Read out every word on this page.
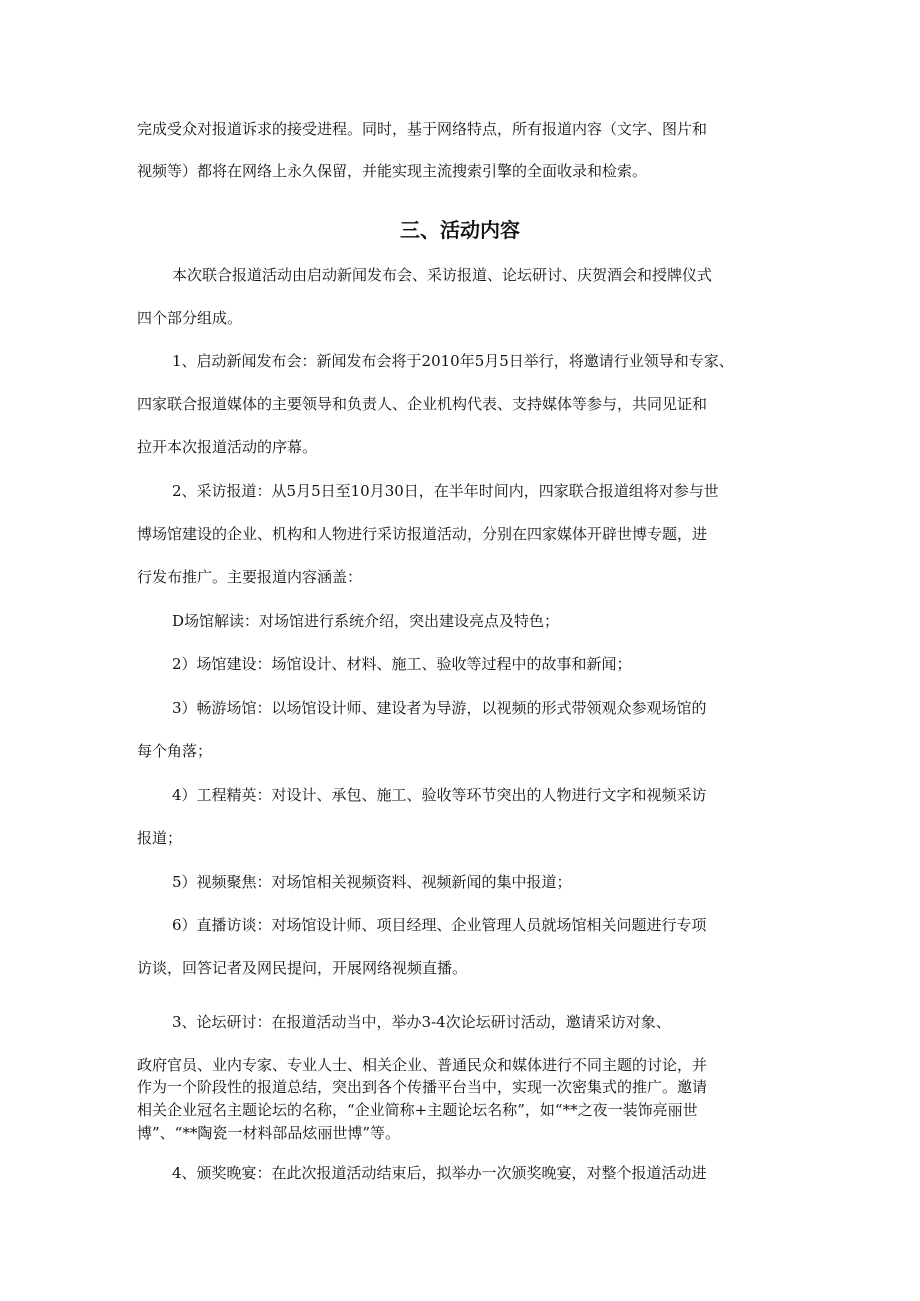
完成受众对报道诉求的接受进程。同时，基于网络特点，所有报道内容（文字、图片和
视频等）都将在网络上永久保留，并能实现主流搜索引擎的全面收录和检索。
三、活动内容
本次联合报道活动由启动新闻发布会、采访报道、论坛研讨、庆贺酒会和授牌仪式
四个部分组成。
1、启动新闻发布会：新闻发布会将于2010年5月5日举行，将邀请行业领导和专家、
四家联合报道媒体的主要领导和负责人、企业机构代表、支持媒体等参与，共同见证和
拉开本次报道活动的序幕。
2、采访报道：从5月5日至10月30日，在半年时间内，四家联合报道组将对参与世
博场馆建设的企业、机构和人物进行采访报道活动，分别在四家媒体开辟世博专题，进
行发布推广。主要报道内容涵盖：
D场馆解读：对场馆进行系统介绍，突出建设亮点及特色；
2）场馆建设：场馆设计、材料、施工、验收等过程中的故事和新闻；
3）畅游场馆：以场馆设计师、建设者为导游，以视频的形式带领观众参观场馆的
每个角落；
4）工程精英：对设计、承包、施工、验收等环节突出的人物进行文字和视频采访
报道；
5）视频聚焦：对场馆相关视频资料、视频新闻的集中报道；
6）直播访谈：对场馆设计师、项目经理、企业管理人员就场馆相关问题进行专项
访谈，回答记者及网民提问，开展网络视频直播。
3、论坛研讨：在报道活动当中，举办3-4次论坛研讨活动，邀请采访对象、
政府官员、业内专家、专业人士、相关企业、普通民众和媒体进行不同主题的讨论，并
作为一个阶段性的报道总结，突出到各个传播平台当中，实现一次密集式的推广。邀请
相关企业冠名主题论坛的名称，“企业简称+主题论坛名称”，如“**之夜一装饰亮丽世
博”、“**陶瓷一材料部品炫丽世博”等。
4、颁奖晚宴：在此次报道活动结束后，拟举办一次颁奖晚宴，对整个报道活动进
